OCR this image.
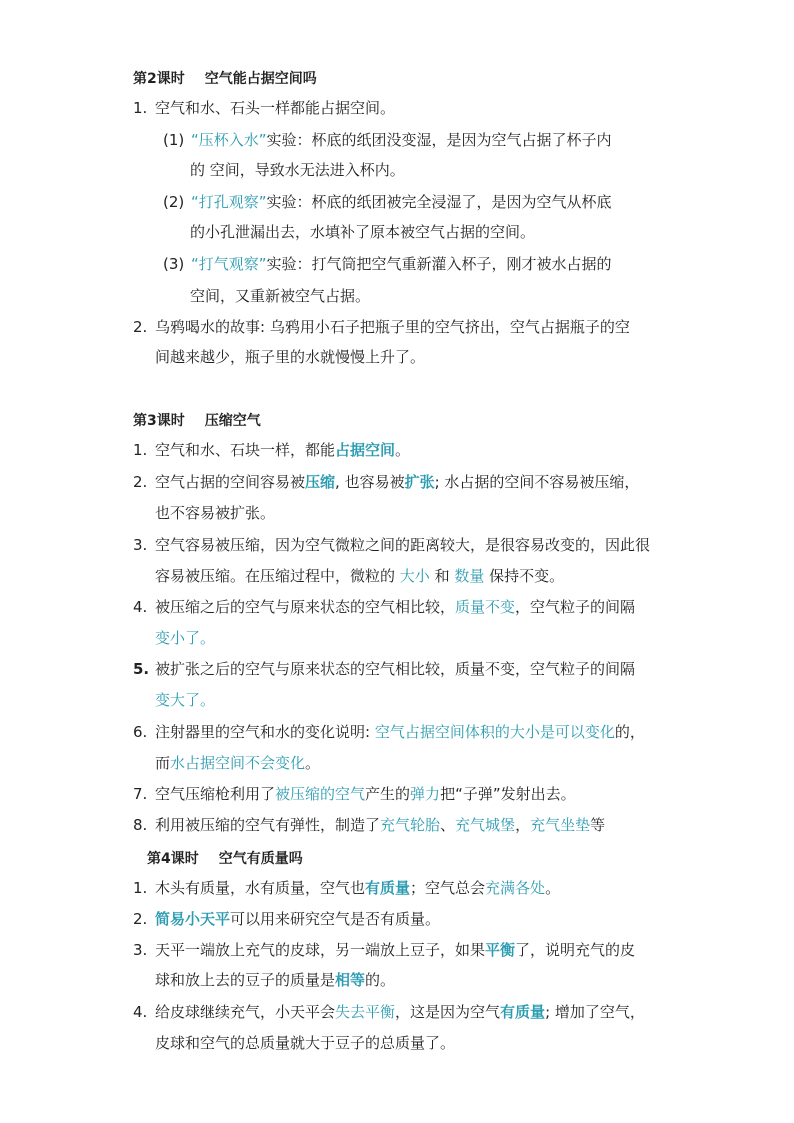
第2课时 空气能占据空间吗
1. 空气和水、石头一样都能占据空间。
(1) “压杯入水”实验：杯底的纸团没变湿，是因为空气占据了杯子内
的 空间，导致水无法进入杯内。
(2) “打孔观察”实验：杯底的纸团被完全浸湿了，是因为空气从杯底
的小孔泄漏出去，水填补了原本被空气占据的空间。
(3) “打气观察”实验：打气筒把空气重新灌入杯子，刚才被水占据的
空间，又重新被空气占据。
2. 乌鸦喝水的故事: 乌鸦用小石子把瓶子里的空气挤出，空气占据瓶子的空
间越来越少，瓶子里的水就慢慢上升了。
第3课时 压缩空气
1. 空气和水、石块一样，都能占据空间。
2. 空气占据的空间容易被压缩, 也容易被扩张; 水占据的空间不容易被压缩，
也不容易被扩张。
3. 空气容易被压缩，因为空气微粒之间的距离较大，是很容易改变的，因此很
容易被压缩。在压缩过程中，微粒的 大小 和 数量 保持不变。
4. 被压缩之后的空气与原来状态的空气相比较，质量不变，空气粒子的间隔
变小了。
5. 被扩张之后的空气与原来状态的空气相比较，质量不变，空气粒子的间隔
变大了。
6. 注射器里的空气和水的变化说明: 空气占据空间体积的大小是可以变化的，
而水占据空间不会变化。
7. 空气压缩枪利用了被压缩的空气产生的弹力把“子弹”发射出去。
8. 利用被压缩的空气有弹性，制造了充气轮胎、充气城堡，充气坐垫等
第4课时 空气有质量吗
1. 木头有质量，水有质量，空气也有质量；空气总会充满各处。
2. 简易小天平可以用来研究空气是否有质量。
3. 天平一端放上充气的皮球，另一端放上豆子，如果平衡了，说明充气的皮
球和放上去的豆子的质量是相等的。
4. 给皮球继续充气，小天平会失去平衡，这是因为空气有质量; 增加了空气，
皮球和空气的总质量就大于豆子的总质量了。
